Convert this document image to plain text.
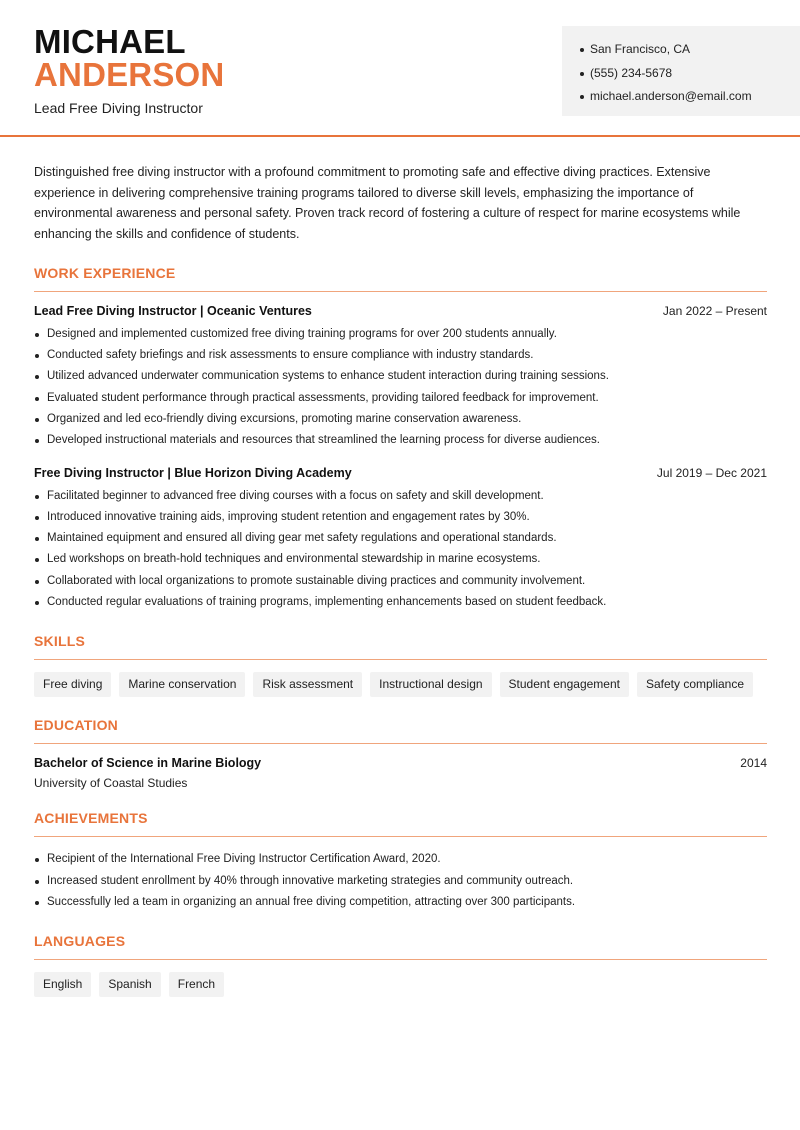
MICHAEL
ANDERSON
Lead Free Diving Instructor
San Francisco, CA
(555) 234-5678
michael.anderson@email.com

Distinguished free diving instructor with a profound commitment to promoting safe and effective diving practices. Extensive experience in delivering comprehensive training programs tailored to diverse skill levels, emphasizing the importance of environmental awareness and personal safety. Proven track record of fostering a culture of respect for marine ecosystems while enhancing the skills and confidence of students.

WORK EXPERIENCE
Lead Free Diving Instructor | Oceanic Ventures	Jan 2022 – Present
Designed and implemented customized free diving training programs for over 200 students annually.
Conducted safety briefings and risk assessments to ensure compliance with industry standards.
Utilized advanced underwater communication systems to enhance student interaction during training sessions.
Evaluated student performance through practical assessments, providing tailored feedback for improvement.
Organized and led eco-friendly diving excursions, promoting marine conservation awareness.
Developed instructional materials and resources that streamlined the learning process for diverse audiences.
Free Diving Instructor | Blue Horizon Diving Academy	Jul 2019 – Dec 2021
Facilitated beginner to advanced free diving courses with a focus on safety and skill development.
Introduced innovative training aids, improving student retention and engagement rates by 30%.
Maintained equipment and ensured all diving gear met safety regulations and operational standards.
Led workshops on breath-hold techniques and environmental stewardship in marine ecosystems.
Collaborated with local organizations to promote sustainable diving practices and community involvement.
Conducted regular evaluations of training programs, implementing enhancements based on student feedback.
SKILLS
Free diving	Marine conservation	Risk assessment	Instructional design	Student engagement	Safety compliance
EDUCATION
Bachelor of Science in Marine Biology	2014
University of Coastal Studies
ACHIEVEMENTS
Recipient of the International Free Diving Instructor Certification Award, 2020.
Increased student enrollment by 40% through innovative marketing strategies and community outreach.
Successfully led a team in organizing an annual free diving competition, attracting over 300 participants.
LANGUAGES
English	Spanish	French
